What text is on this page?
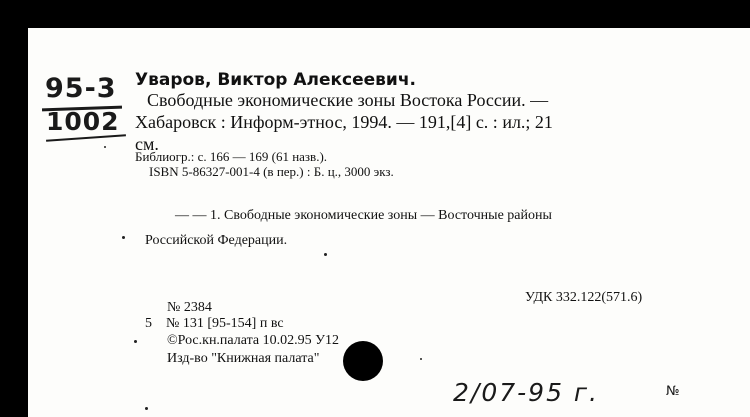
95-3
1002
Уваров, Виктор Алексеевич.
Свободные экономические зоны Востока России. —
Хабаровск : Информ-этнос, 1994. — 191,[4] с. : ил.; 21
см.
Библиогр.: с. 166 — 169 (61 назв.).
ISBN 5-86327-001-4 (в пер.) : Б. ц., 3000 экз.
— — 1. Свободные экономические зоны — Восточные районы
Российской Федерации.
УДК 332.122(571.6)
№ 2384
5 № 131 [95-154] п вс
©Рос.кн.палата 10.02.95 У12
Изд-во "Книжная палата"
2/07-95 г.	№
